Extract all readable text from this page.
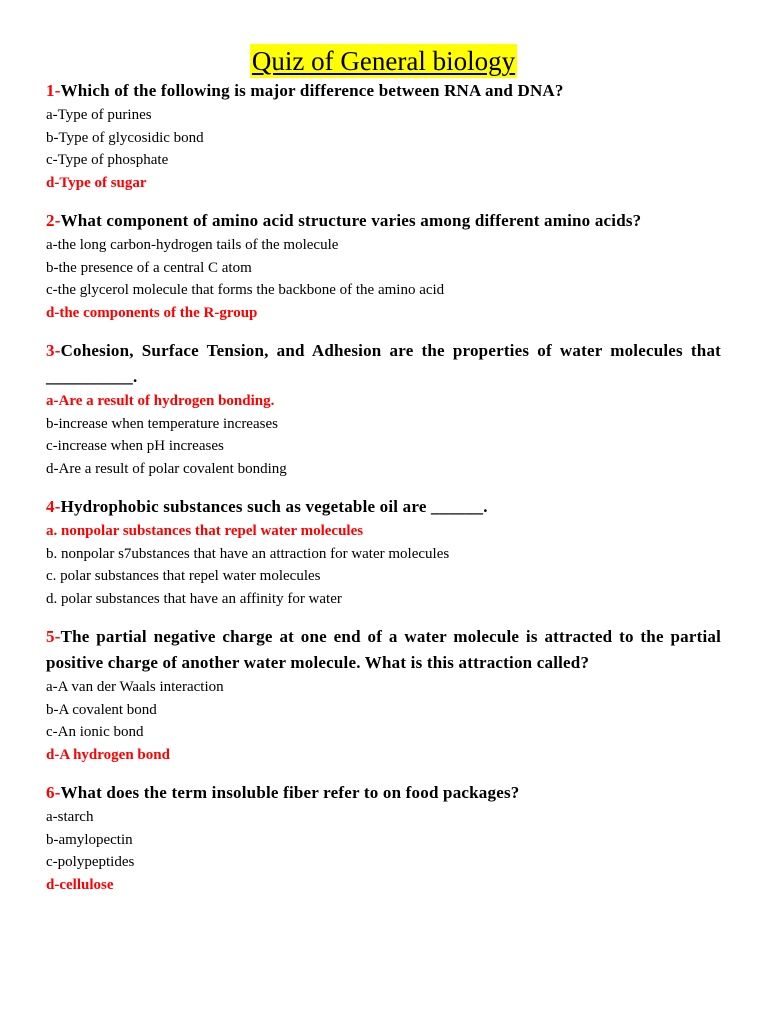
Quiz of General biology
1-Which of the following is major difference between RNA and DNA?
a-Type of purines
b-Type of glycosidic bond
c-Type of phosphate
d-Type of sugar
2-What component of amino acid structure varies among different amino acids?
a-the long carbon-hydrogen tails of the molecule
b-the presence of a central C atom
c-the glycerol molecule that forms the backbone of the amino acid
d-the components of the R-group
3-Cohesion, Surface Tension, and Adhesion are the properties of water molecules that __________.
a-Are a result of hydrogen bonding.
b-increase when temperature increases
c-increase when pH increases
d-Are a result of polar covalent bonding
4-Hydrophobic substances such as vegetable oil are ______.
a. nonpolar substances that repel water molecules
b. nonpolar s7ubstances that have an attraction for water molecules
c. polar substances that repel water molecules
d. polar substances that have an affinity for water
5-The partial negative charge at one end of a water molecule is attracted to the partial positive charge of another water molecule. What is this attraction called?
a-A van der Waals interaction
b-A covalent bond
c-An ionic bond
d-A hydrogen bond
6-What does the term insoluble fiber refer to on food packages?
a-starch
b-amylopectin
c-polypeptides
d-cellulose
